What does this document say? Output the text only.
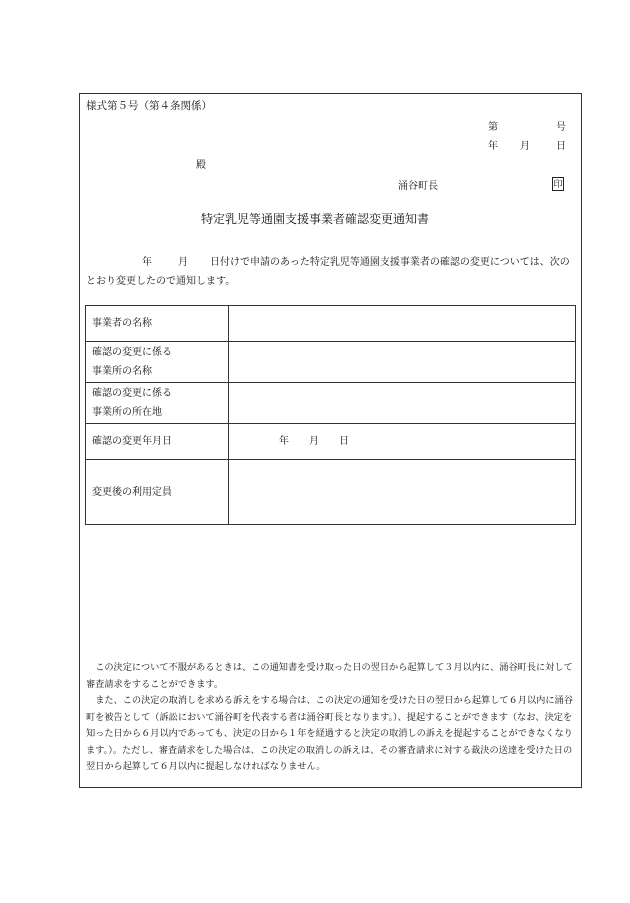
様式第５号（第４条関係）
第	号
年 月	日
殿
涌谷町長	印
特定乳児等通園支援事業者確認変更通知書
年	月 日付けで申請のあった特定乳児等通園支援事業者の確認の変更については、次のとおり変更したので通知します。
事業者の名称	

確認の変更に係る
事業所の名称	

確認の変更に係る
事業所の所在地	

確認の変更年月日	年 月 日
変更後の利用定員	

この決定について不服があるときは、この通知書を受け取った日の翌日から起算して３月以内に、涌谷町長に対して審査請求をすることができます。

また、この決定の取消しを求める訴えをする場合は、この決定の通知を受けた日の翌日から起算して６月以内に涌谷町を被告として（訴訟において涌谷町を代表する者は涌谷町長となります。）、提起することができます（なお、決定を知った日から６月以内であっても、決定の日から１年を経過すると決定の取消しの訴えを提起することができなくなります。）。ただし、審査請求をした場合は、この決定の取消しの訴えは、その審査請求に対する裁決の送達を受けた日の翌日から起算して６月以内に提起しなければなりません。
